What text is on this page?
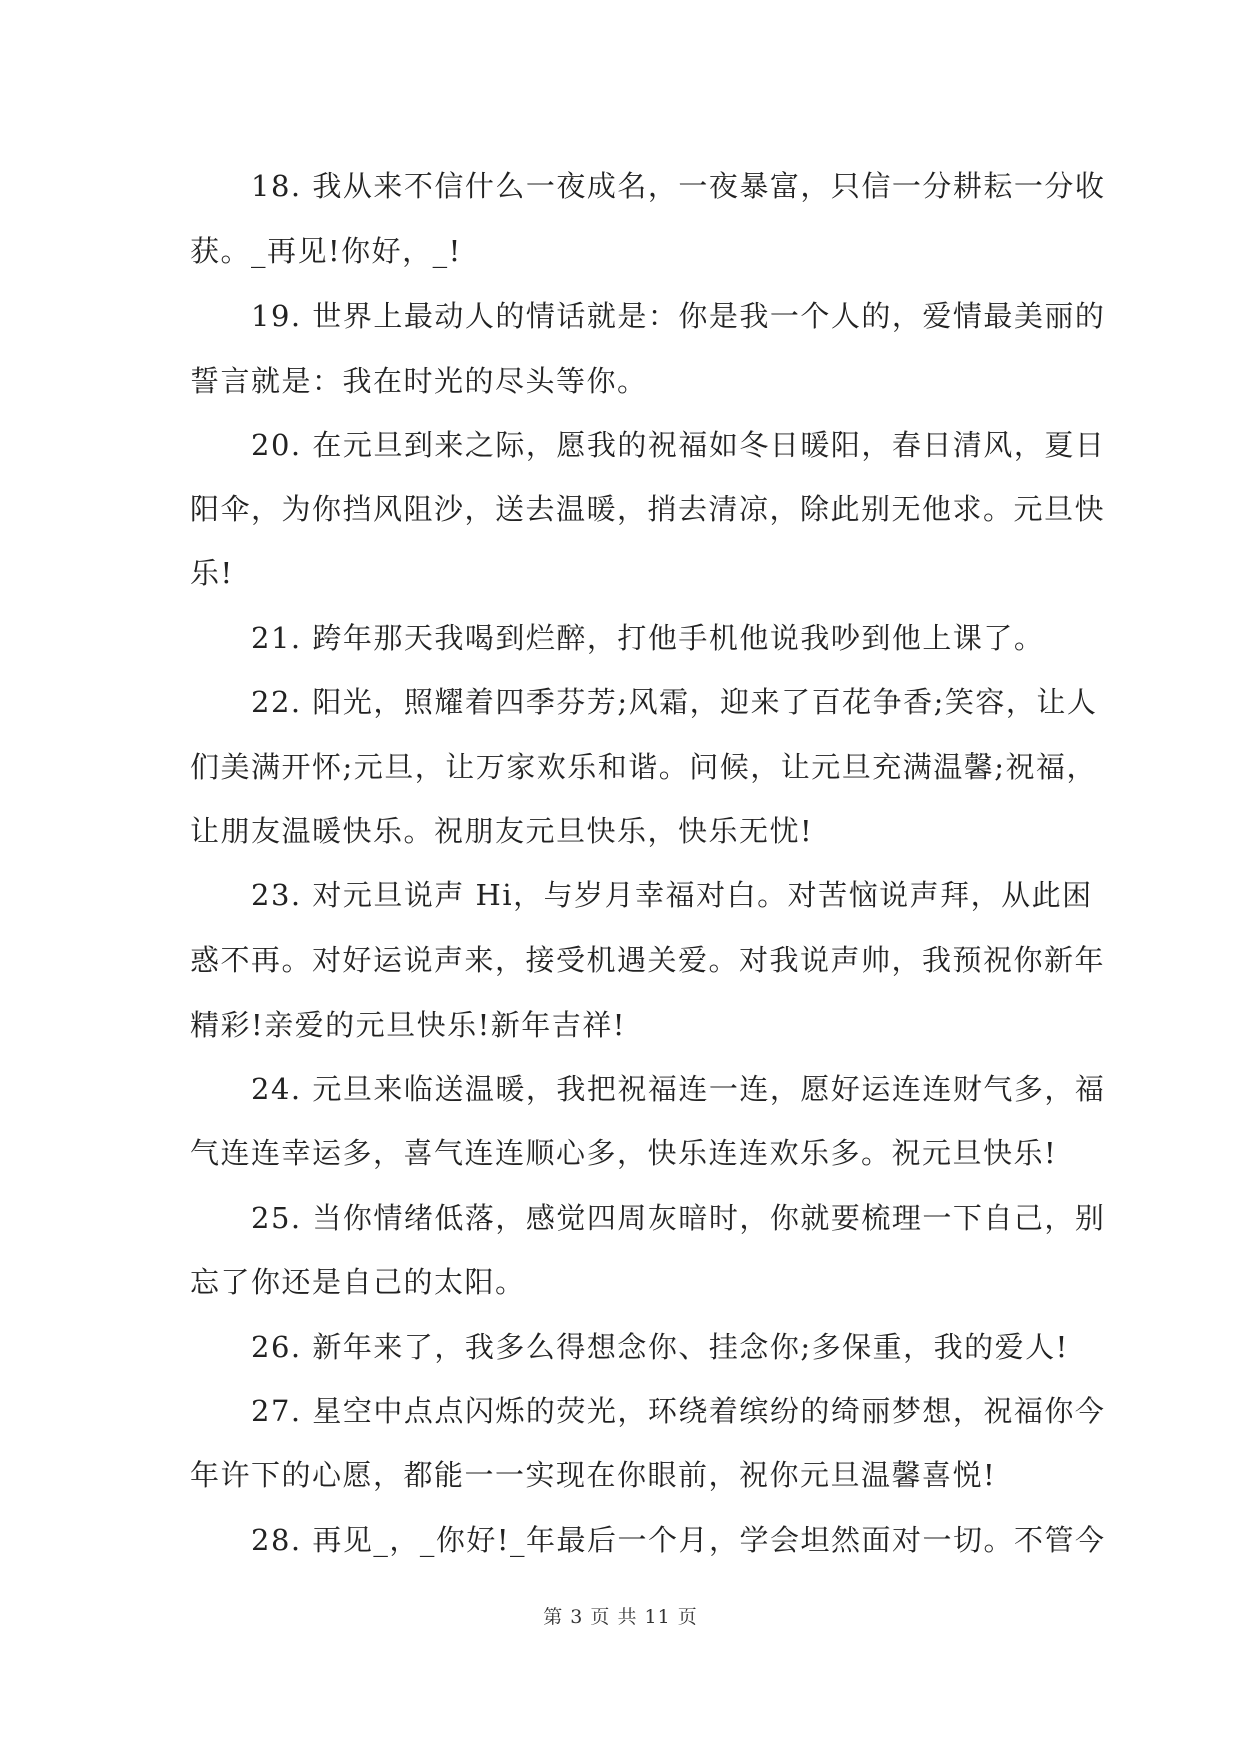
　　18. 我从来不信什么一夜成名，一夜暴富，只信一分耕耘一分收
获。_再见!你好，_!
　　19. 世界上最动人的情话就是：你是我一个人的，爱情最美丽的
誓言就是：我在时光的尽头等你。
　　20. 在元旦到来之际，愿我的祝福如冬日暖阳，春日清风，夏日
阳伞，为你挡风阻沙，送去温暖，捎去清凉，除此别无他求。元旦快
乐!
　　21. 跨年那天我喝到烂醉，打他手机他说我吵到他上课了。
　　22. 阳光，照耀着四季芬芳;风霜，迎来了百花争香;笑容，让人
们美满开怀;元旦，让万家欢乐和谐。问候，让元旦充满温馨;祝福，
让朋友温暖快乐。祝朋友元旦快乐，快乐无忧!
　　23. 对元旦说声 Hi，与岁月幸福对白。对苦恼说声拜，从此困
惑不再。对好运说声来，接受机遇关爱。对我说声帅，我预祝你新年
精彩!亲爱的元旦快乐!新年吉祥!
　　24. 元旦来临送温暖，我把祝福连一连，愿好运连连财气多，福
气连连幸运多，喜气连连顺心多，快乐连连欢乐多。祝元旦快乐!
　　25. 当你情绪低落，感觉四周灰暗时，你就要梳理一下自己，别
忘了你还是自己的太阳。
　　26. 新年来了，我多么得想念你、挂念你;多保重，我的爱人!
　　27. 星空中点点闪烁的荧光，环绕着缤纷的绮丽梦想，祝福你今
年许下的心愿，都能一一实现在你眼前，祝你元旦温馨喜悦!
　　28. 再见_，_你好!_年最后一个月，学会坦然面对一切。不管今
第 3 页 共 11 页
